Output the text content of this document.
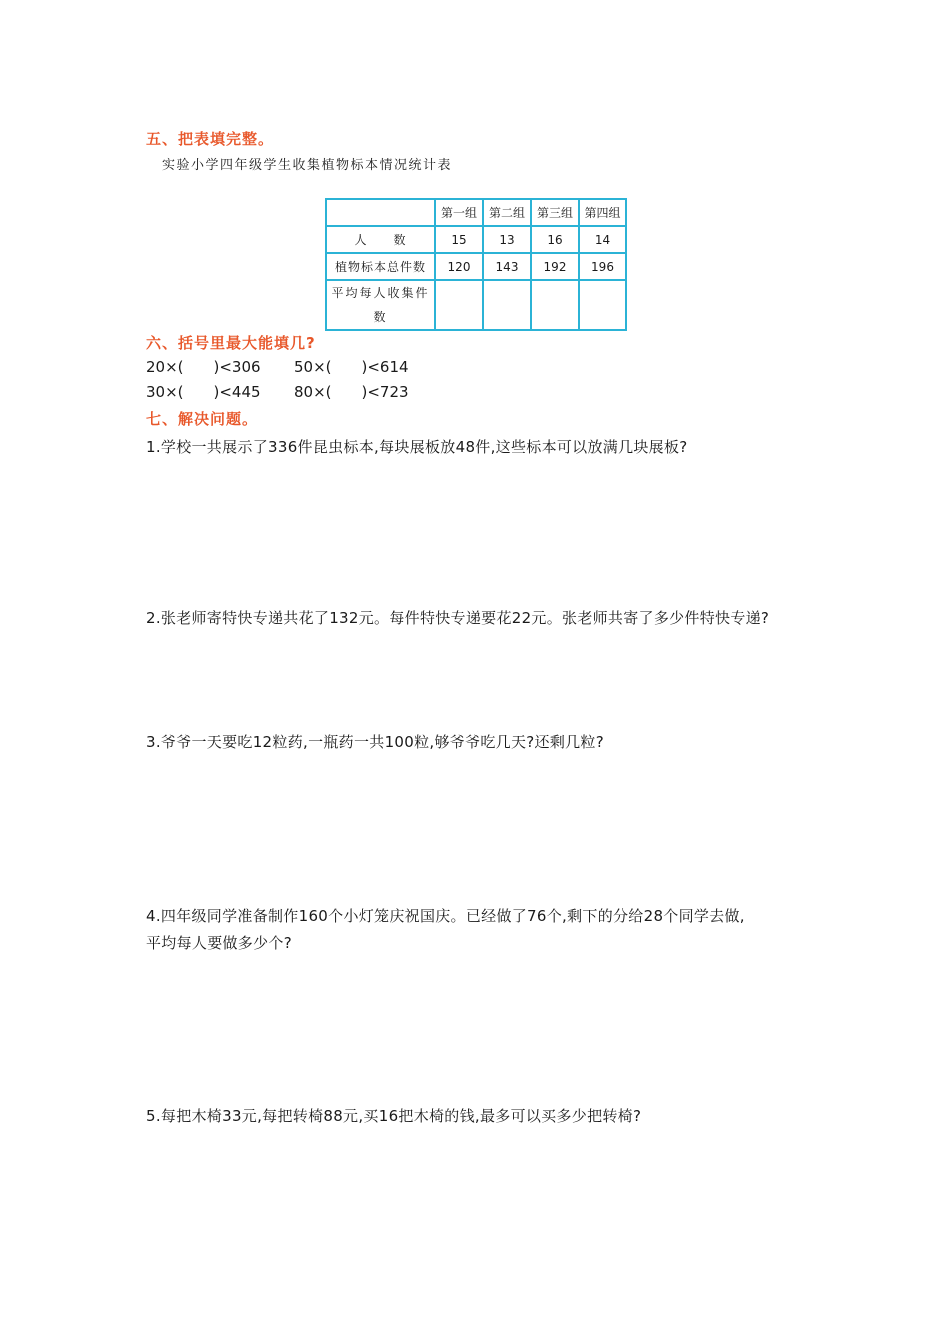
五、把表填完整。
实验小学四年级学生收集植物标本情况统计表
	第一组	第二组	第三组	第四组
人　　数	15	13	16	14
植物标本总件数	120	143	192	196
平均每人收集件数				
六、括号里最大能填几?
20×( )<306 50×( )<614
30×( )<445 80×( )<723
七、解决问题。
1.学校一共展示了336件昆虫标本,每块展板放48件,这些标本可以放满几块展板?
2.张老师寄特快专递共花了132元。每件特快专递要花22元。张老师共寄了多少件特快专递?
3.爷爷一天要吃12粒药,一瓶药一共100粒,够爷爷吃几天?还剩几粒?
4.四年级同学准备制作160个小灯笼庆祝国庆。已经做了76个,剩下的分给28个同学去做,
平均每人要做多少个?
5.每把木椅33元,每把转椅88元,买16把木椅的钱,最多可以买多少把转椅?
